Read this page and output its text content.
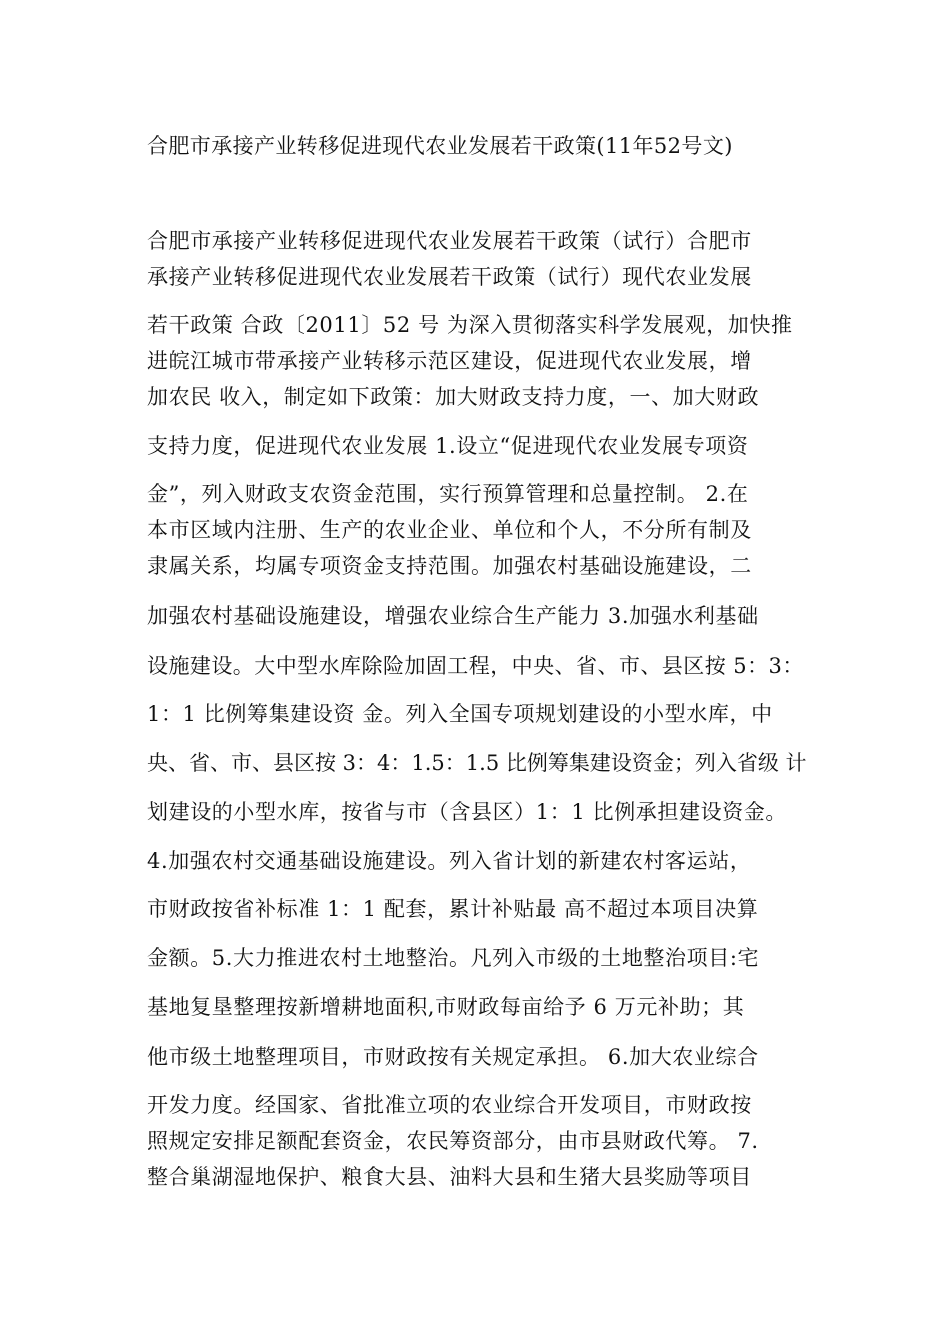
合肥市承接产业转移促进现代农业发展若干政策(11年52号文)
合肥市承接产业转移促进现代农业发展若干政策（试行）合肥市
承接产业转移促进现代农业发展若干政策（试行）现代农业发展
若干政策 合政〔2011〕52 号 为深入贯彻落实科学发展观，加快推
进皖江城市带承接产业转移示范区建设，促进现代农业发展，增
加农民 收入，制定如下政策：加大财政支持力度，一、加大财政
支持力度，促进现代农业发展 1.设立“促进现代农业发展专项资
金”，列入财政支农资金范围，实行预算管理和总量控制。 2.在
本市区域内注册、生产的农业企业、单位和个人，不分所有制及
隶属关系，均属专项资金支持范围。加强农村基础设施建设，二
加强农村基础设施建设，增强农业综合生产能力 3.加强水利基础
设施建设。大中型水库除险加固工程，中央、省、市、县区按 5：3：
1：1 比例筹集建设资 金。列入全国专项规划建设的小型水库，中
央、省、市、县区按 3：4：1.5：1.5 比例筹集建设资金；列入省级 计
划建设的小型水库，按省与市（含县区）1：1 比例承担建设资金。
4.加强农村交通基础设施建设。列入省计划的新建农村客运站，
市财政按省补标准 1：1 配套，累计补贴最 高不超过本项目决算
金额。5.大力推进农村土地整治。凡列入市级的土地整治项目:宅
基地复垦整理按新增耕地面积,市财政每亩给予 6 万元补助；其
他市级土地整理项目，市财政按有关规定承担。 6.加大农业综合
开发力度。经国家、省批准立项的农业综合开发项目，市财政按
照规定安排足额配套资金，农民筹资部分，由市县财政代筹。 7.
整合巢湖湿地保护、粮食大县、油料大县和生猪大县奖励等项目
